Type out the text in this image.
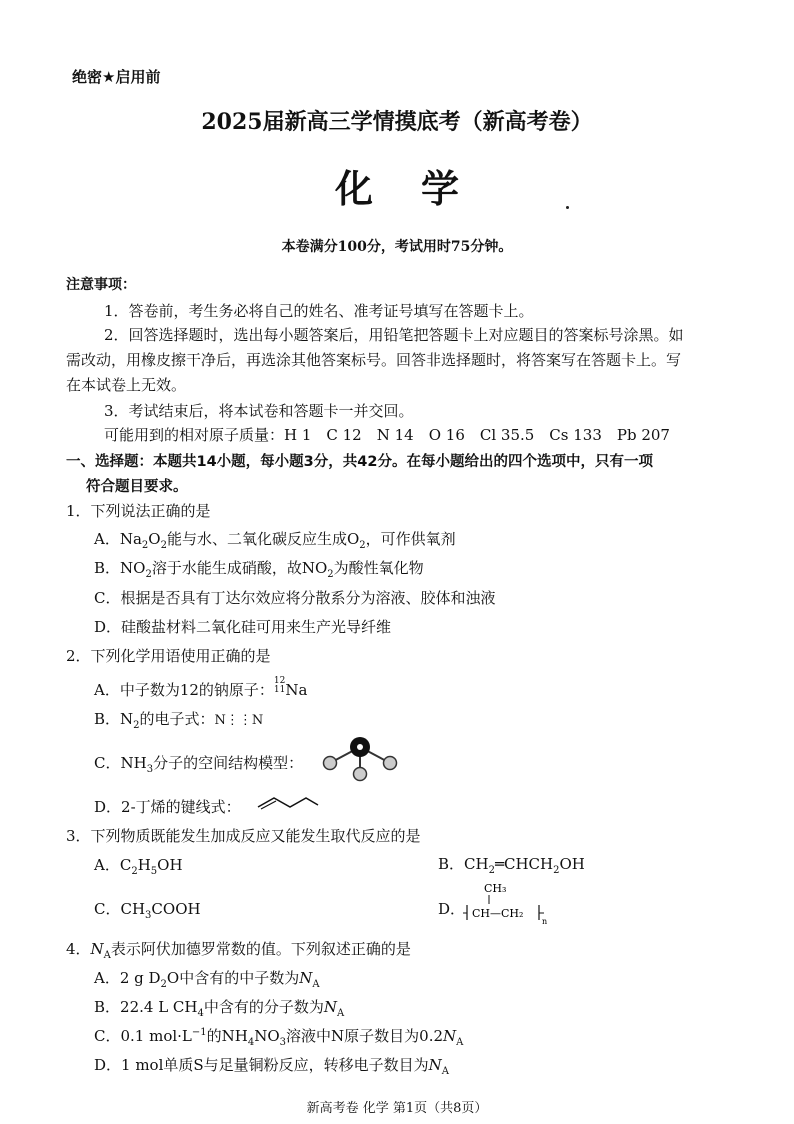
绝密★启用前
2025届新高三学情摸底考（新高考卷）
化学
本卷满分100分，考试用时75分钟。
注意事项：
1．答卷前，考生务必将自己的姓名、准考证号填写在答题卡上。
2．回答选择题时，选出每小题答案后，用铅笔把答题卡上对应题目的答案标号涂黑。如
需改动，用橡皮擦干净后，再选涂其他答案标号。回答非选择题时，将答案写在答题卡上。写
在本试卷上无效。
3．考试结束后，将本试卷和答题卡一并交回。
可能用到的相对原子质量：H 1　C 12　N 14　O 16　Cl 35.5　Cs 133　Pb 207
一、选择题：本题共14小题，每小题3分，共42分。在每小题给出的四个选项中，只有一项
符合题目要求。
1．下列说法正确的是
A．$Na_2O_2$能与水、二氧化碳反应生成$O_2$，可作供氧剂
B．$NO_2$溶于水能生成硝酸，故$NO_2$为酸性氧化物
C．根据是否具有丁达尔效应将分散系分为溶液、胶体和浊液
D．硅酸盐材料二氧化硅可用来生产光导纤维
2．下列化学用语使用正确的是
A．中子数为12的钠原子：12
11Na
B．$N_2$的电子式：N⋮⋮N
C．$NH_3$分子的空间结构模型：
D．2-丁烯的键线式：
3．下列物质既能发生加成反应又能发生取代反应的是
A．$C_2H_5OH$	B．$CH_2═CHCH_2OH$
C．$CH_3COOH$	D．
CH₃
CH—CH₂
n
4．$N_A$表示阿伏加德罗常数的值。下列叙述正确的是
A．2 g $D_2O$中含有的中子数为$N_A$
B．22.4 L $CH_4$中含有的分子数为$N_A$
C．0.1 $mol\cdot L^{-1}$的$NH_4NO_3$溶液中N原子数目为$0.2N_A$
D．1 mol单质S与足量铜粉反应，转移电子数目为$N_A$
新高考卷 化学 第1页（共8页）
